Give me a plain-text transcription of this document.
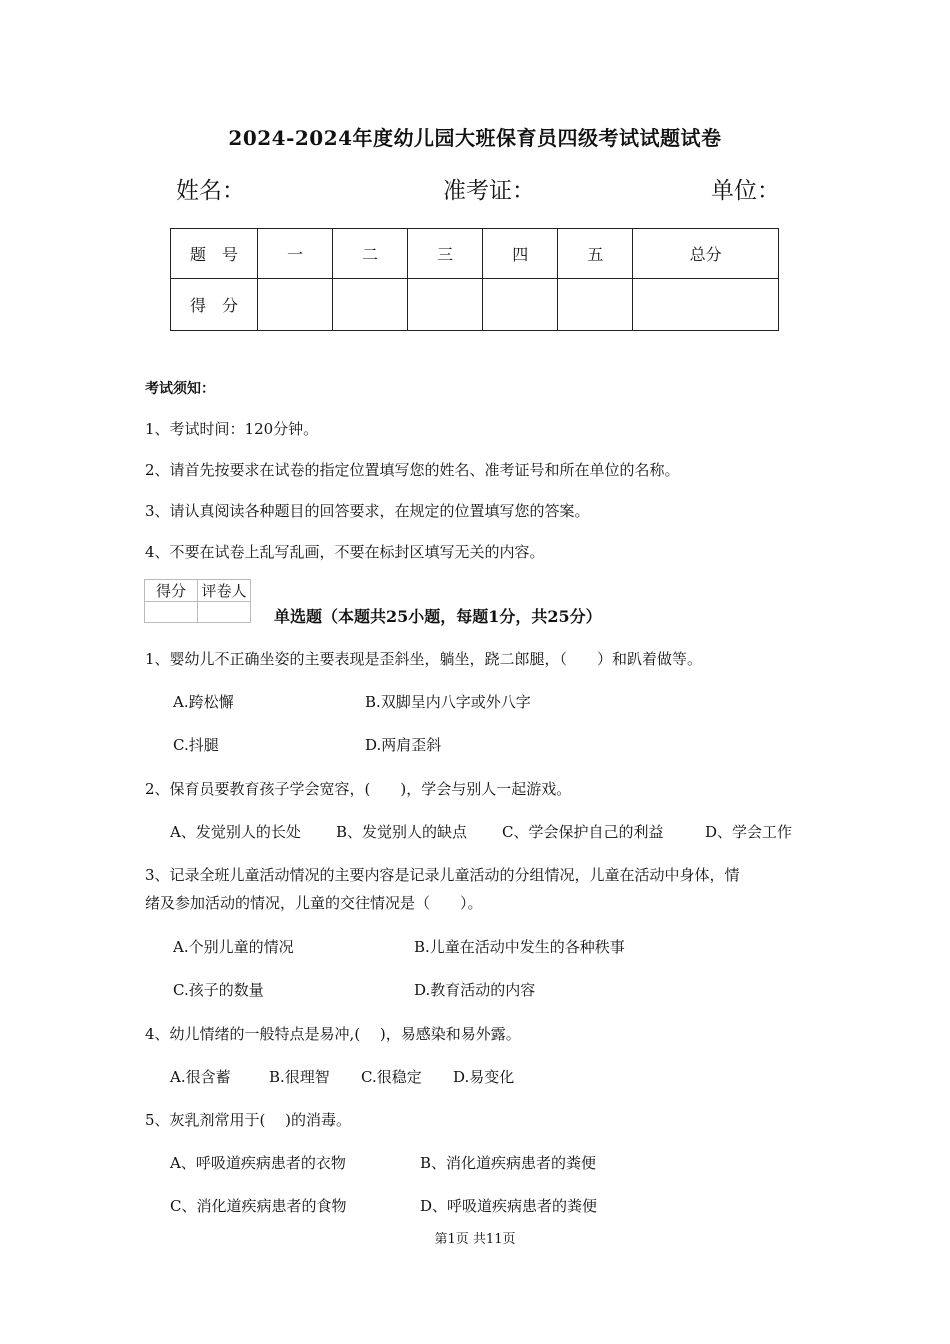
2024-2024年度幼儿园大班保育员四级考试试题试卷
姓名：	准考证：	单位：
题　号	一	二	三	四	五	总分
得　分						
考试须知：
1、考试时间：120分钟。
2、请首先按要求在试卷的指定位置填写您的姓名、准考证号和所在单位的名称。
3、请认真阅读各种题目的回答要求，在规定的位置填写您的答案。
4、不要在试卷上乱写乱画，不要在标封区填写无关的内容。
得分	评卷人

单选题（本题共25小题，每题1分，共25分）
1、婴幼儿不正确坐姿的主要表现是歪斜坐，躺坐，跷二郎腿，（　　）和趴着做等。
A.跨松懈	B.双脚呈内八字或外八字
C.抖腿	D.两肩歪斜
2、保育员要教育孩子学会宽容，(　　)，学会与别人一起游戏。
A、发觉别人的长处 B、发觉别人的缺点 C、学会保护自己的利益	D、学会工作
3、记录全班儿童活动情况的主要内容是记录儿童活动的分组情况，儿童在活动中身体，情
绪及参加活动的情况，儿童的交往情况是（　　）。
A.个别儿童的情况	B.儿童在活动中发生的各种秩事
C.孩子的数量	D.教育活动的内容
4、幼儿情绪的一般特点是易冲,(　 )，易感染和易外露。
A.很含蓄	B.很理智 C.很稳定 D.易变化
5、灰乳剂常用于(　 )的消毒。
A、呼吸道疾病患者的衣物	B、消化道疾病患者的粪便
C、消化道疾病患者的食物	D、呼吸道疾病患者的粪便
第1页 共11页
